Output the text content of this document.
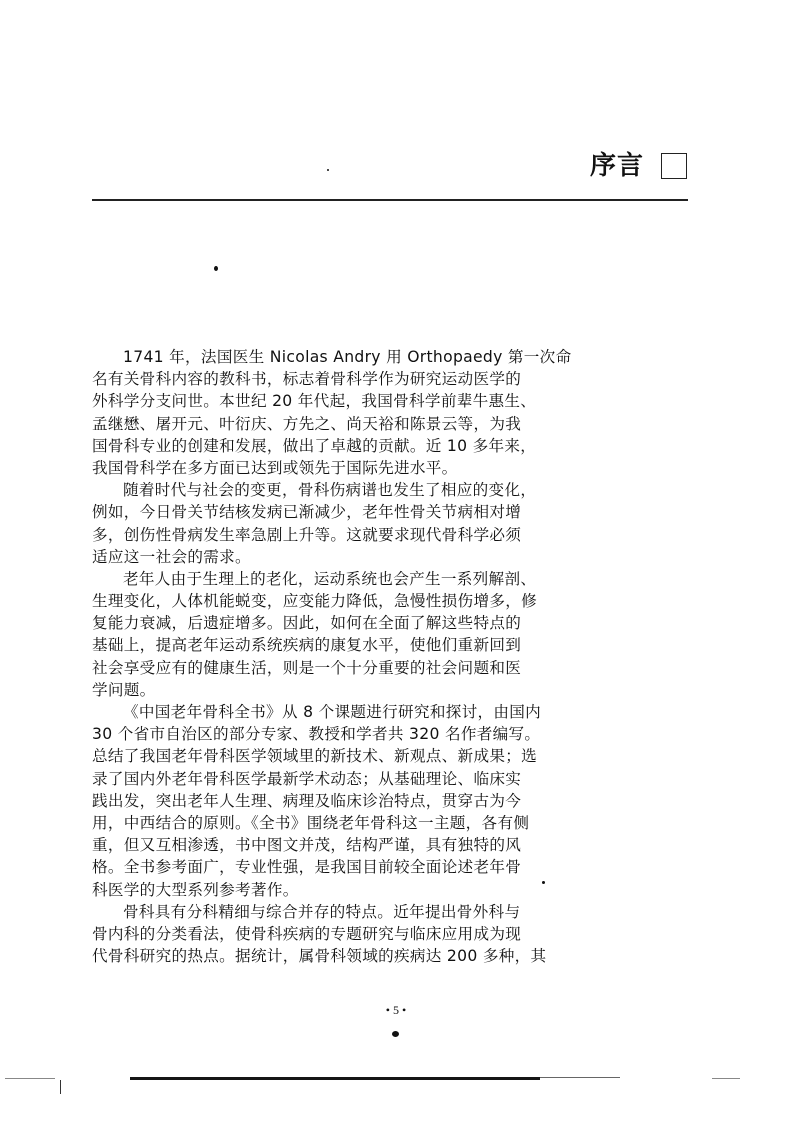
序言
1741 年，法国医生 Nicolas Andry 用 Orthopaedy 第一次命
名有关骨科内容的教科书，标志着骨科学作为研究运动医学的
外科学分支问世。本世纪 20 年代起，我国骨科学前辈牛惠生、
孟继懋、屠开元、叶衍庆、方先之、尚天裕和陈景云等，为我
国骨科专业的创建和发展，做出了卓越的贡献。近 10 多年来，
我国骨科学在多方面已达到或领先于国际先进水平。
随着时代与社会的变更，骨科伤病谱也发生了相应的变化，
例如，今日骨关节结核发病已渐减少，老年性骨关节病相对增
多，创伤性骨病发生率急剧上升等。这就要求现代骨科学必须
适应这一社会的需求。
老年人由于生理上的老化，运动系统也会产生一系列解剖、
生理变化，人体机能蜕变，应变能力降低，急慢性损伤增多，修
复能力衰减，后遗症增多。因此，如何在全面了解这些特点的
基础上，提高老年运动系统疾病的康复水平，使他们重新回到
社会享受应有的健康生活，则是一个十分重要的社会问题和医
学问题。
《中国老年骨科全书》从 8 个课题进行研究和探讨，由国内
30 个省市自治区的部分专家、教授和学者共 320 名作者编写。
总结了我国老年骨科医学领域里的新技术、新观点、新成果；选
录了国内外老年骨科医学最新学术动态；从基础理论、临床实
践出发，突出老年人生理、病理及临床诊治特点，贯穿古为今
用，中西结合的原则。《全书》围绕老年骨科这一主题，各有侧
重，但又互相渗透，书中图文并茂，结构严谨，具有独特的风
格。全书参考面广，专业性强，是我国目前较全面论述老年骨
科医学的大型系列参考著作。
骨科具有分科精细与综合并存的特点。近年提出骨外科与
骨内科的分类看法，使骨科疾病的专题研究与临床应用成为现
代骨科研究的热点。据统计，属骨科领域的疾病达 200 多种，其
• 5 •
